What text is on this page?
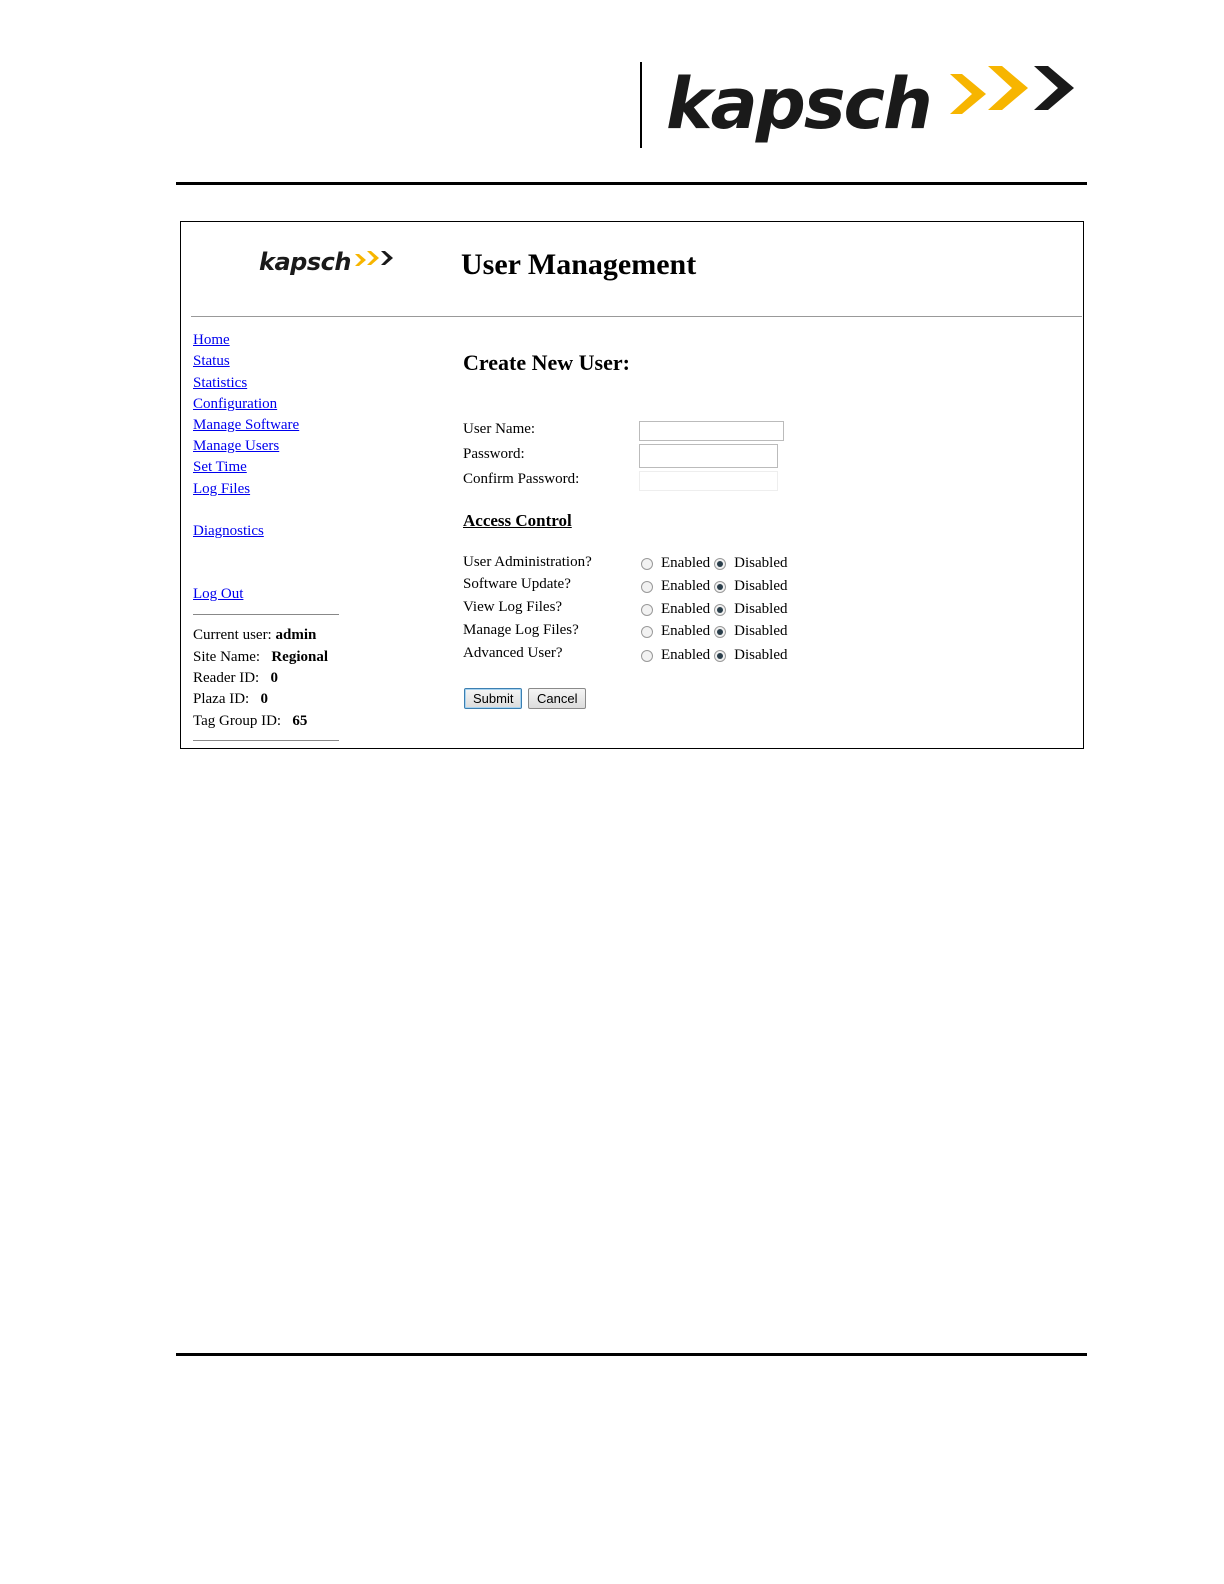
kapsch
kapsch	User Management
Home
Status
Statistics
Configuration
Manage Software
Manage Users
Set Time
Log Files
Diagnostics
Log Out
Current user: admin
Site Name: Regional
Reader ID: 0
Plaza ID: 0
Tag Group ID: 65
Create New User:
User Name:
Password:
Confirm Password:
Access Control
User Administration?	Enabled Disabled
Software Update?	Enabled Disabled
View Log Files?	Enabled Disabled
Manage Log Files?	Enabled Disabled
Advanced User?	Enabled Disabled
Submit	Cancel
